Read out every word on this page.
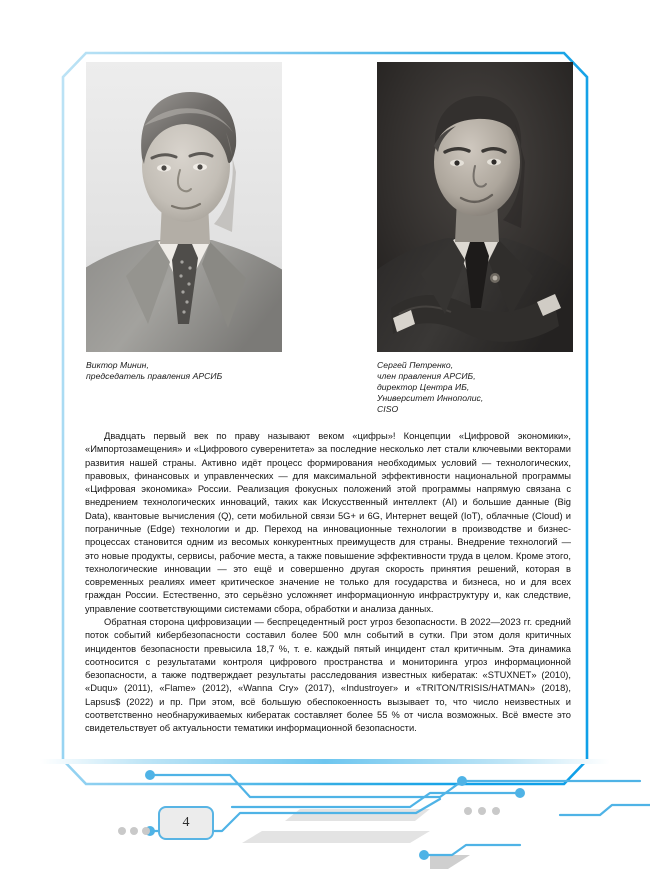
Виктор Минин,
председатель правления АРСИБ
Сергей Петренко,
член правления АРСИБ,
директор Центра ИБ,
Университет Иннополис,
CISO

Двадцать первый век по праву называют веком «цифры»! Концепции «Цифровой экономики», «Импортозамещения» и «Цифрового суверенитета» за последние несколько лет стали ключевыми векторами развития нашей страны. Активно идёт процесс формирования необходимых условий — технологических, правовых, финансовых и управленческих — для максимальной эффективности национальной программы «Цифровая экономика» России. Реализация фокусных положений этой программы напрямую связана с внедрением технологических инноваций, таких как Искусственный интеллект (AI) и большие данные (Big Data), квантовые вычисления (Q), сети мобильной связи 5G+ и 6G, Интернет вещей (IoT), облачные (Cloud) и пограничные (Edge) технологии и др. Переход на инновационные технологии в производстве и бизнес-процессах становится одним из весомых конкурентных преимуществ для страны. Внедрение технологий — это новые продукты, сервисы, рабочие места, а также повышение эффективности труда в целом. Кроме этого, технологические инновации — это ещё и совершенно другая скорость принятия решений, которая в современных реалиях имеет критическое значение не только для государства и бизнеса, но и для всех граждан России. Естественно, это серьёзно усложняет информационную инфраструктуру и, как следствие, управление соответствующими системами сбора, обработки и анализа данных.

Обратная сторона цифровизации — беспрецедентный рост угроз безопасности. В 2022—2023 гг. средний поток событий кибербезопасности составил более 500 млн событий в сутки. При этом доля критичных инцидентов безопасности превысила 18,7 %, т. е. каждый пятый инцидент стал критичным. Эта динамика соотносится с результатами контроля цифрового пространства и мониторинга угроз информационной безопасности, а также подтверждает результаты расследования известных кибератак: «STUXNET» (2010), «Duqu» (2011), «Flame» (2012), «Wanna Cry» (2017), «Industroyer» и «TRITON/TRISIS/HATMAN» (2018), Lapsus$ (2022) и пр. При этом, всё большую обеспокоенность вызывает то, что число неизвестных и соответственно необнаруживаемых кибератак составляет более 55 % от числа возможных. Всё вместе это свидетельствует об актуальности тематики информационной безопасности.

4
